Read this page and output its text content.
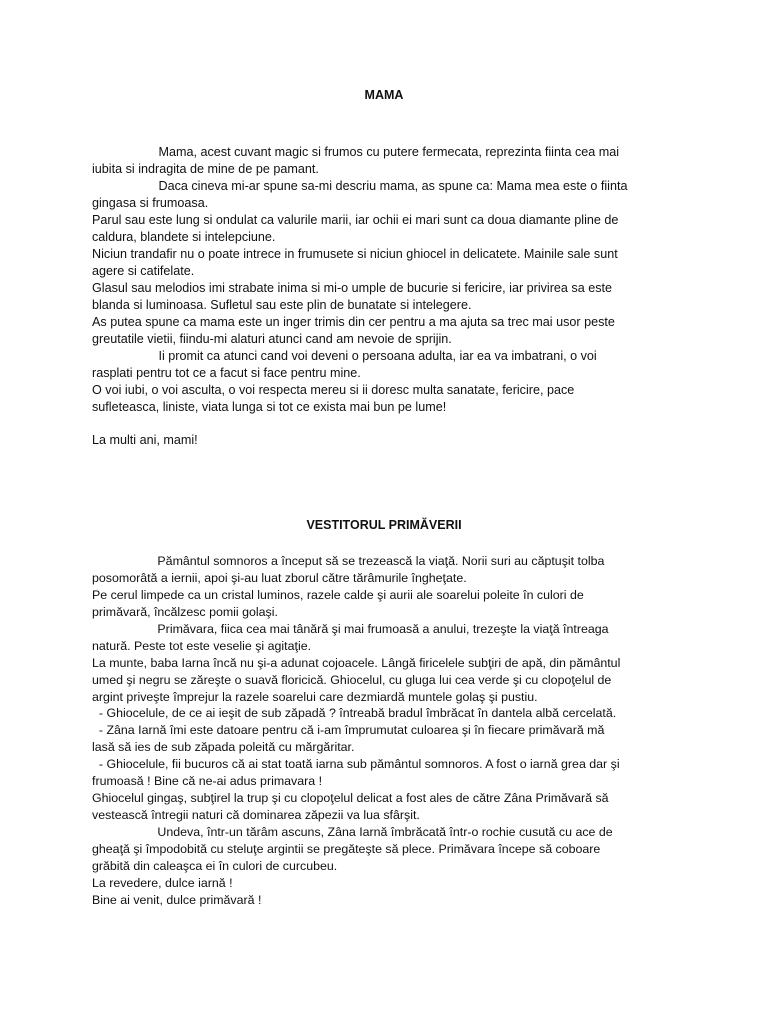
MAMA

Mama, acest cuvant magic si frumos cu putere fermecata, reprezinta fiinta cea mai
iubita si indragita de mine de pe pamant.

Daca cineva mi-ar spune sa-mi descriu mama, as spune ca: Mama mea este o fiinta
gingasa si frumoasa.

Parul sau este lung si ondulat ca valurile marii, iar ochii ei mari sunt ca doua diamante pline de
caldura, blandete si intelepciune.

Niciun trandafir nu o poate intrece in frumusete si niciun ghiocel in delicatete. Mainile sale sunt
agere si catifelate.

Glasul sau melodios imi strabate inima si mi-o umple de bucurie si fericire, iar privirea sa este
blanda si luminoasa. Sufletul sau este plin de bunatate si intelegere.

As putea spune ca mama este un inger trimis din cer pentru a ma ajuta sa trec mai usor peste
greutatile vietii, fiindu-mi alaturi atunci cand am nevoie de sprijin.

Ii promit ca atunci cand voi deveni o persoana adulta, iar ea va imbatrani, o voi
rasplati pentru tot ce a facut si face pentru mine.

O voi iubi, o voi asculta, o voi respecta mereu si ii doresc multa sanatate, fericire, pace
sufleteasca, liniste, viata lunga si tot ce exista mai bun pe lume!

La multi ani, mami!

VESTITORUL PRIMĂVERII

Pământul somnoros a început să se trezească la viaţă. Norii suri au căptuşit tolba
posomorâtă a iernii, apoi şi-au luat zborul către tărâmurile îngheţate.

Pe cerul limpede ca un cristal luminos, razele calde şi aurii ale soarelui poleite în culori de
primăvară, încălzesc pomii golaşi.

Primăvara, fiica cea mai tânără şi mai frumoasă a anului, trezeşte la viaţă întreaga
natură. Peste tot este veselie şi agitaţie.

La munte, baba Iarna încă nu şi-a adunat cojoacele. Lângă firicelele subţiri de apă, din pământul
umed şi negru se zăreşte o suavă floricică. Ghiocelul, cu gluga lui cea verde şi cu clopoţelul de
argint priveşte împrejur la razele soarelui care dezmiardă muntele golaş şi pustiu.

- Ghiocelule, de ce ai ieşit de sub zăpadă ? întreabă bradul îmbrăcat în dantela albă cercelată.

- Zâna Iarnă îmi este datoare pentru că i-am împrumutat culoarea şi în fiecare primăvară mă
lasă să ies de sub zăpada poleită cu mărgăritar.

- Ghiocelule, fii bucuros că ai stat toată iarna sub pământul somnoros. A fost o iarnă grea dar şi
frumoasă ! Bine că ne-ai adus primavara !

Ghiocelul gingaş, subţirel la trup şi cu clopoţelul delicat a fost ales de către Zâna Primăvară să
vestească întregii naturi că dominarea zăpezii va lua sfârşit.

Undeva, într-un tărâm ascuns, Zâna Iarnă îmbrăcată într-o rochie cusută cu ace de
gheaţă şi împodobită cu steluţe argintii se pregăteşte să plece. Primăvara începe să coboare
grăbită din caleaşca ei în culori de curcubeu.

La revedere, dulce iarnă !

Bine ai venit, dulce primăvară !
